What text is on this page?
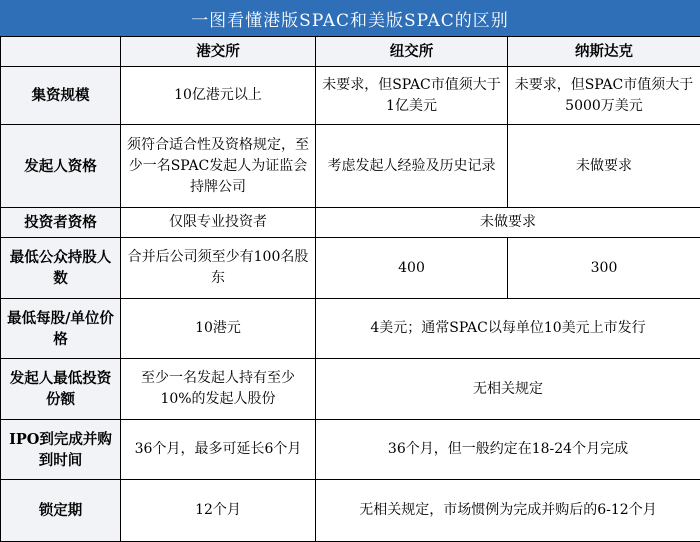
一图看懂港版SPAC和美版SPAC的区别
	港交所	纽交所	纳斯达克
集资规模	10亿港元以上	未要求，但SPAC市值须大于1亿美元	未要求，但SPAC市值须大于5000万美元
发起人资格	须符合适合性及资格规定，至少一名SPAC发起人为证监会持牌公司	考虑发起人经验及历史记录	未做要求
投资者资格	仅限专业投资者	未做要求	
最低公众持股人数	合并后公司须至少有100名股东	400	300
最低每股/单位价格	10港元	4美元；通常SPAC以每单位10美元上市发行	
发起人最低投资份额	至少一名发起人持有至少10%的发起人股份	无相关规定	
IPO到完成并购到时间	36个月，最多可延长6个月	36个月，但一般约定在18-24个月完成	
锁定期	12个月	无相关规定，市场惯例为完成并购后的6-12个月	
